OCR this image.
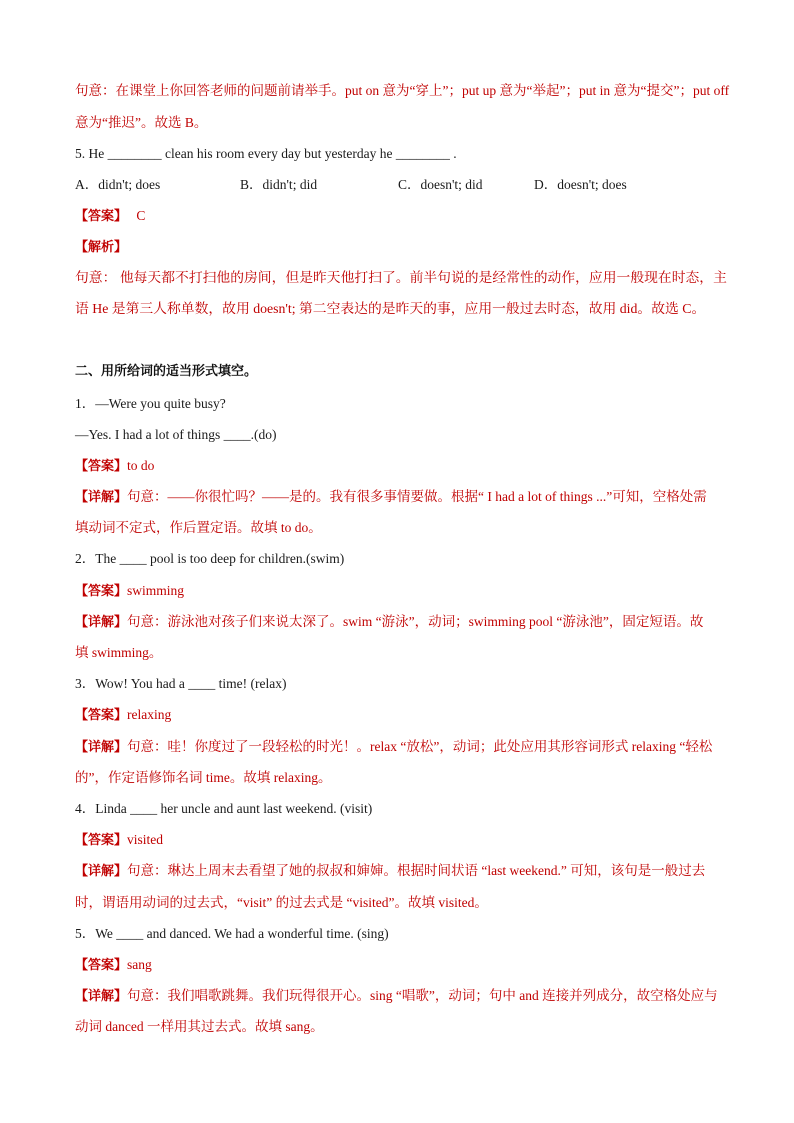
句意：在课堂上你回答老师的问题前请举手。put on 意为“穿上”；put up 意为“举起”；put in 意为“提交”；put off
意为“推迟”。故选 B。
5. He ________ clean his room every day but yesterday he ________ .
A．didn't; does	B．didn't; did	C．doesn't; did	D．doesn't; does
【答案】 C
【解析】
句意： 他每天都不打扫他的房间，但是昨天他打扫了。前半句说的是经常性的动作，应用一般现在时态，主
语 He 是第三人称单数，故用 doesn't; 第二空表达的是昨天的事，应用一般过去时态，故用 did。故选 C。
二、用所给词的适当形式填空。
1．—Were you quite busy?
—Yes. I had a lot of things ____.(do)
【答案】to do
【详解】句意：——你很忙吗？——是的。我有很多事情要做。根据“ I had a lot of things ...”可知，空格处需
填动词不定式，作后置定语。故填 to do。
2．The ____ pool is too deep for children.(swim)
【答案】swimming
【详解】句意：游泳池对孩子们来说太深了。swim “游泳”，动词；swimming pool “游泳池”，固定短语。故
填 swimming。
3．Wow! You had a ____ time! (relax)
【答案】relaxing
【详解】句意：哇！你度过了一段轻松的时光！。relax “放松”，动词；此处应用其形容词形式 relaxing “轻松
的”，作定语修饰名词 time。故填 relaxing。
4．Linda ____ her uncle and aunt last weekend. (visit)
【答案】visited
【详解】句意：琳达上周末去看望了她的叔叔和婶婶。根据时间状语 “last weekend.” 可知，该句是一般过去
时，谓语用动词的过去式，“visit” 的过去式是 “visited”。故填 visited。
5．We ____ and danced. We had a wonderful time. (sing)
【答案】sang
【详解】句意：我们唱歌跳舞。我们玩得很开心。sing “唱歌”，动词；句中 and 连接并列成分，故空格处应与
动词 danced 一样用其过去式。故填 sang。
